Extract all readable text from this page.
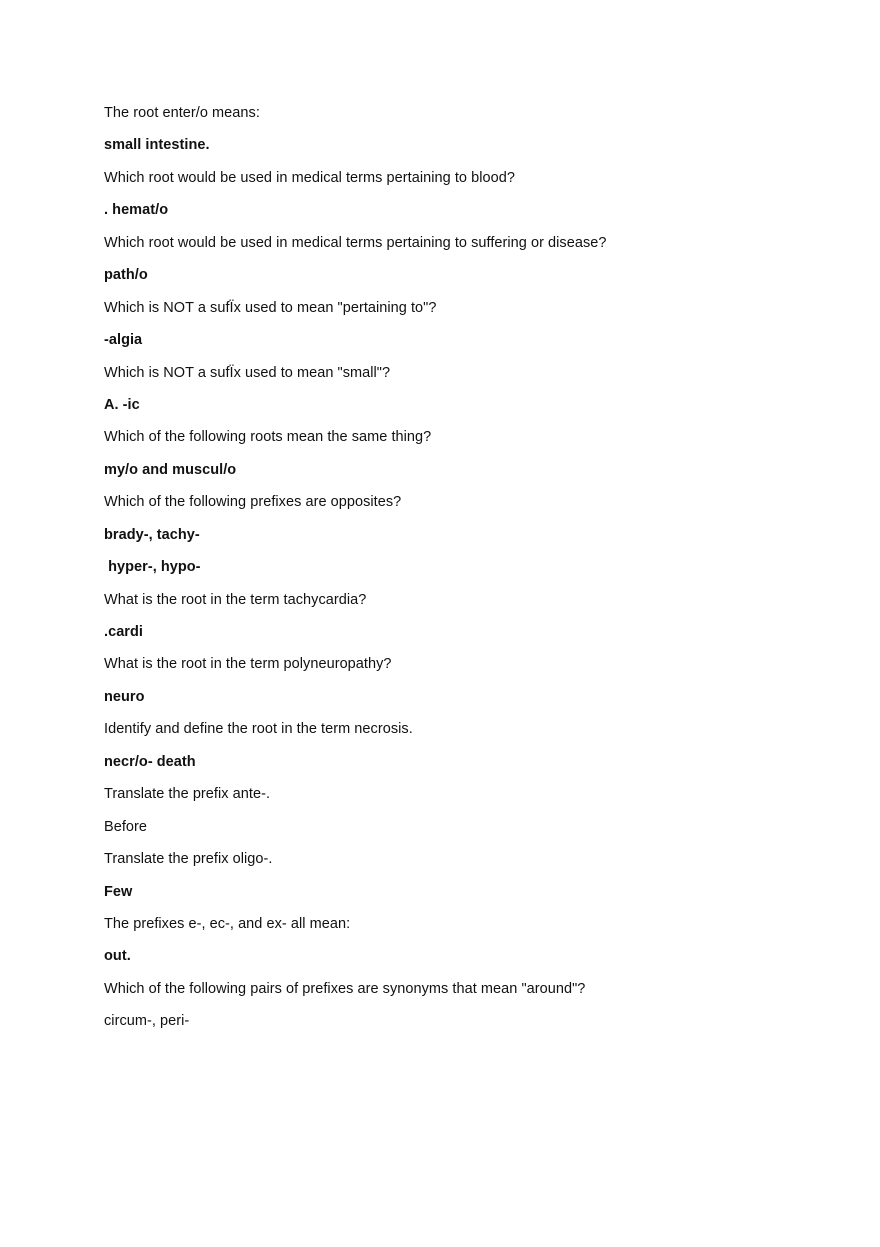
The root enter/o means:
small intestine.
Which root would be used in medical terms pertaining to blood?
. hemat/o
Which root would be used in medical terms pertaining to suffering or disease?
path/o
Which is NOT a sufÏx used to mean "pertaining to"?
-algia
Which is NOT a sufÏx used to mean "small"?
A. -ic
Which of the following roots mean the same thing?
my/o and muscul/o
Which of the following prefixes are opposites?
brady-, tachy-
hyper-, hypo-
What is the root in the term tachycardia?
.cardi
What is the root in the term polyneuropathy?
neuro
Identify and define the root in the term necrosis.
necr/o- death
Translate the prefix ante-.
Before
Translate the prefix oligo-.
Few
The prefixes e-, ec-, and ex- all mean:
out.
Which of the following pairs of prefixes are synonyms that mean "around"?
circum-, peri-
